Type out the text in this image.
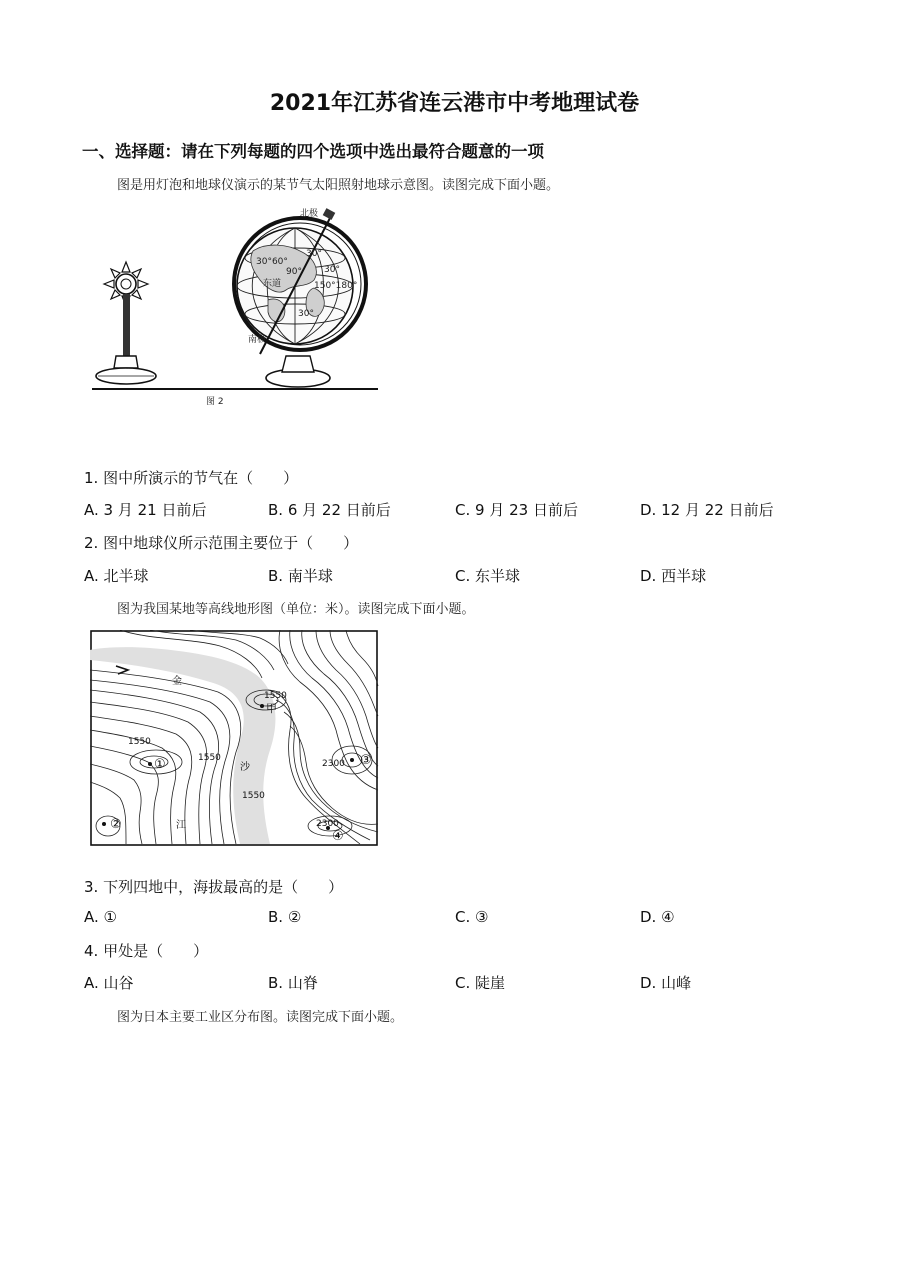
2021年江苏省连云港市中考地理试卷
一、选择题：请在下列每题的四个选项中选出最符合题意的一项
图是用灯泡和地球仪演示的某节气太阳照射地球示意图。读图完成下面小题。
北极
南极
东道
30°
30°
90°
30°60°
150°180°
30°
图 2
1. 图中所演示的节气在（　　）
A. 3 月 21 日前后	B. 6 月 22 日前后	C. 9 月 23 日前后	D. 12 月 22 日前后
2. 图中地球仪所示范围主要位于（　　）
A. 北半球	B. 南半球	C. 东半球	D. 西半球
图为我国某地等高线地形图（单位：米）。读图完成下面小题。
1550
甲
1550
1550
2300
1550
2300
①
②
③
④
金
沙
江
3. 下列四地中，海拔最高的是（　　）
A. ①	B. ②	C. ③	D. ④
4. 甲处是（　　）
A. 山谷	B. 山脊	C. 陡崖	D. 山峰
图为日本主要工业区分布图。读图完成下面小题。
